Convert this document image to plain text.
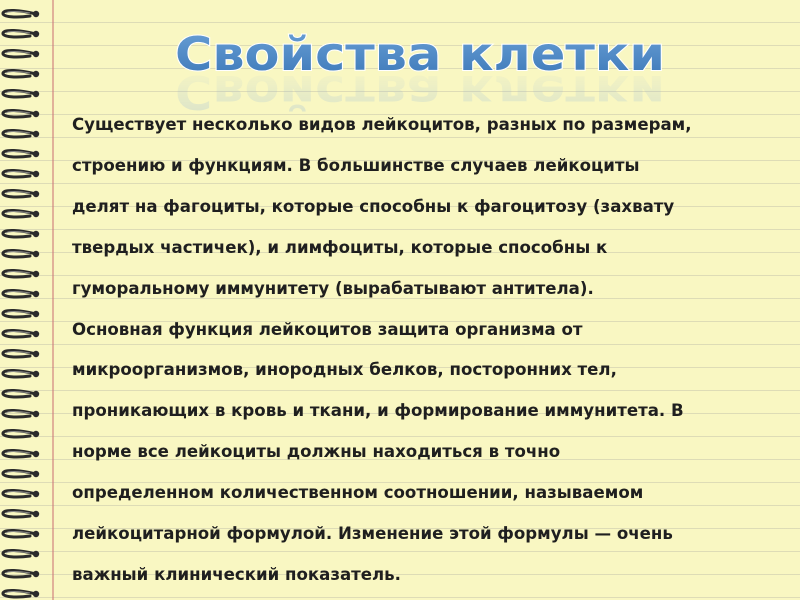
Свойства клетки
Свойства клетки
Существует несколько видов лейкоцитов, разных по размерам,
строению и функциям. В большинстве случаев лейкоциты
делят на фагоциты, которые способны к фагоцитозу (захвату
твердых частичек), и лимфоциты, которые способны к
гуморальному иммунитету (вырабатывают антитела).
Основная функция лейкоцитов защита организма от
микроорганизмов, инородных белков, посторонних тел,
проникающих в кровь и ткани, и формирование иммунитета. В
норме все лейкоциты должны находиться в точно
определенном количественном соотношении, называемом
лейкоцитарной формулой. Изменение этой формулы — очень
важный клинический показатель.
